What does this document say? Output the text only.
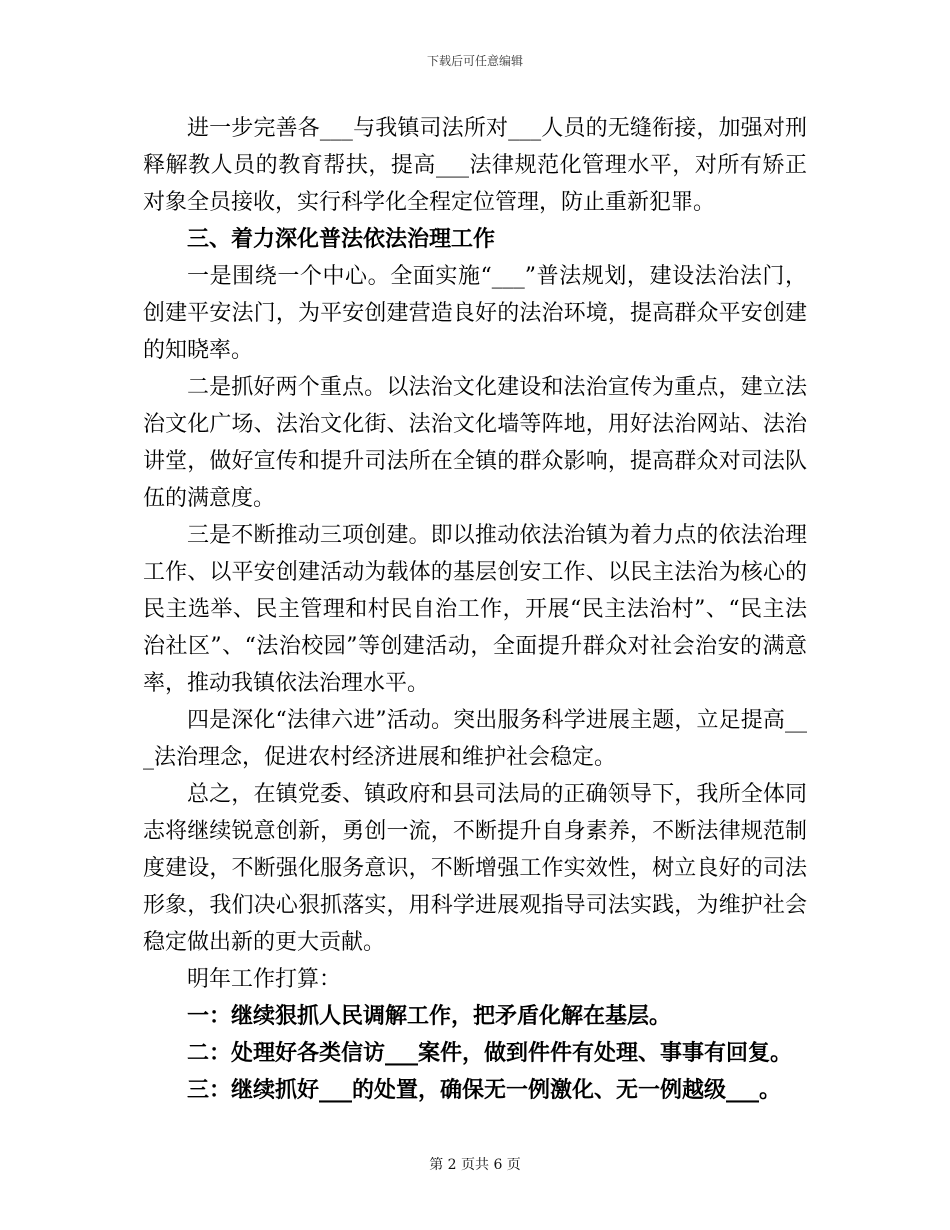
下载后可任意编辑

进一步完善各___与我镇司法所对___人员的无缝衔接，加强对刑释解教人员的教育帮扶，提高___法律规范化管理水平，对所有矫正对象全员接收，实行科学化全程定位管理，防止重新犯罪。

三、着力深化普法依法治理工作

一是围绕一个中心。全面实施“___”普法规划，建设法治法门，创建平安法门，为平安创建营造良好的法治环境，提高群众平安创建的知晓率。

二是抓好两个重点。以法治文化建设和法治宣传为重点，建立法治文化广场、法治文化街、法治文化墙等阵地，用好法治网站、法治讲堂，做好宣传和提升司法所在全镇的群众影响，提高群众对司法队伍的满意度。

三是不断推动三项创建。即以推动依法治镇为着力点的依法治理工作、以平安创建活动为载体的基层创安工作、以民主法治为核心的民主选举、民主管理和村民自治工作，开展“民主法治村”、“民主法治社区”、“法治校园”等创建活动，全面提升群众对社会治安的满意率，推动我镇依法治理水平。

四是深化“法律六进”活动。突出服务科学进展主题，立足提高___法治理念，促进农村经济进展和维护社会稳定。

总之，在镇党委、镇政府和县司法局的正确领导下，我所全体同志将继续锐意创新，勇创一流，不断提升自身素养，不断法律规范制度建设，不断强化服务意识，不断增强工作实效性，树立良好的司法形象，我们决心狠抓落实，用科学进展观指导司法实践，为维护社会稳定做出新的更大贡献。

明年工作打算：

一：继续狠抓人民调解工作，把矛盾化解在基层。

二：处理好各类信访___案件，做到件件有处理、事事有回复。

三：继续抓好___的处置，确保无一例激化、无一例越级___。

第 2 页共 6 页
